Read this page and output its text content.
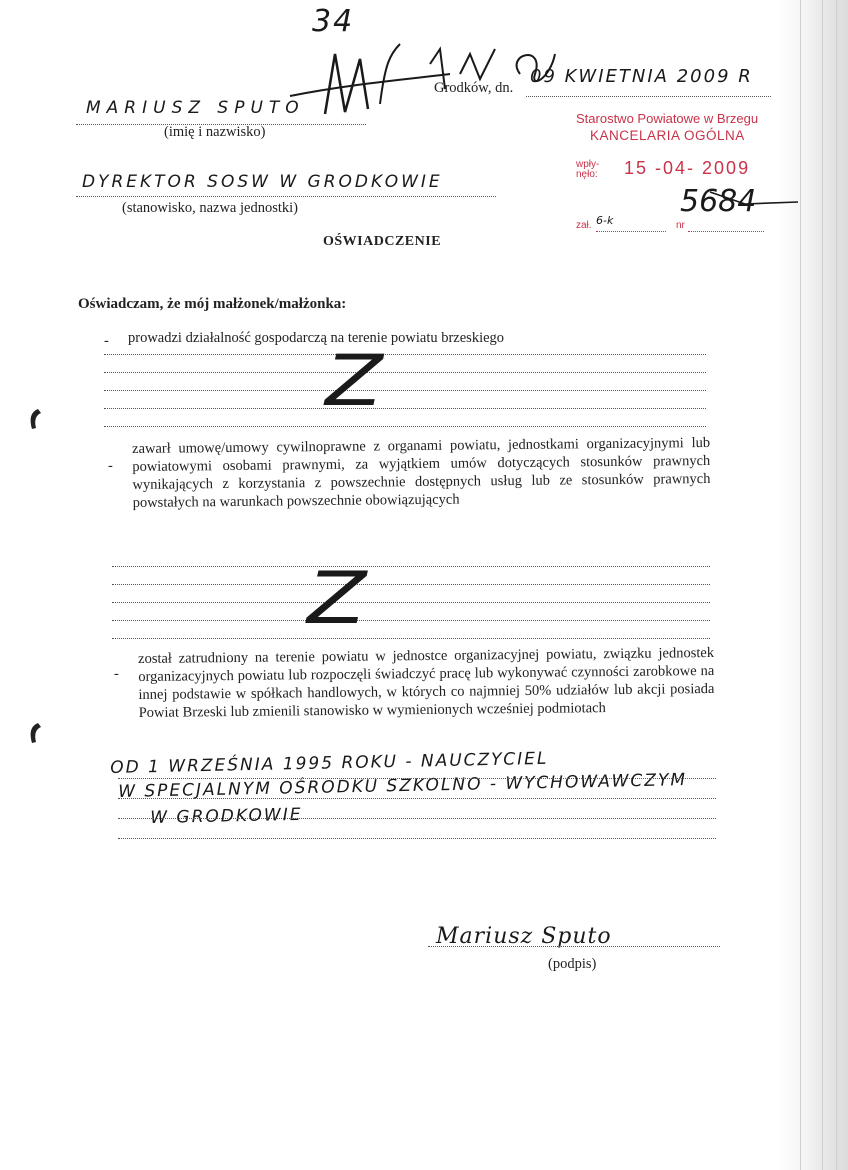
34
Grodków, dn.
09 KWIETNIA 2009 R
MARIUSZ SPUTO
(imię i nazwisko)
DYREKTOR SOSW W GRODKOWIE
(stanowisko, nazwa jednostki)
Starostwo Powiatowe w Brzegu
KANCELARIA OGÓLNA
wpły-
nęło: 15 -04- 2009
zał. 6-k	nr
5684
OŚWIADCZENIE
Oświadczam, że mój małżonek/małżonka:
- prowadzi działalność gospodarczą na terenie powiatu brzeskiego
Z
-
zawarł umowę/umowy cywilnoprawne z organami powiatu, jednostkami organizacyjnymi lub powiatowymi osobami prawnymi, za wyjątkiem umów dotyczących stosunków prawnych wynikających z korzystania z powszechnie dostępnych usług lub ze stosunków prawnych powstałych na warunkach powszechnie obowiązujących
Z
-
został zatrudniony na terenie powiatu w jednostce organizacyjnej powiatu, związku jednostek organizacyjnych powiatu lub rozpoczęli świadczyć pracę lub wykonywać czynności zarobkowe na innej podstawie w spółkach handlowych, w których co najmniej 50% udziałów lub akcji posiada Powiat Brzeski lub zmienili stanowisko w wymienionych wcześniej podmiotach
OD 1 WRZEŚNIA 1995 ROKU - NAUCZYCIEL
W SPECJALNYM OŚRODKU SZKOLNO - WYCHOWAWCZYM
W GRODKOWIE
Mariusz Sputo
(podpis)
